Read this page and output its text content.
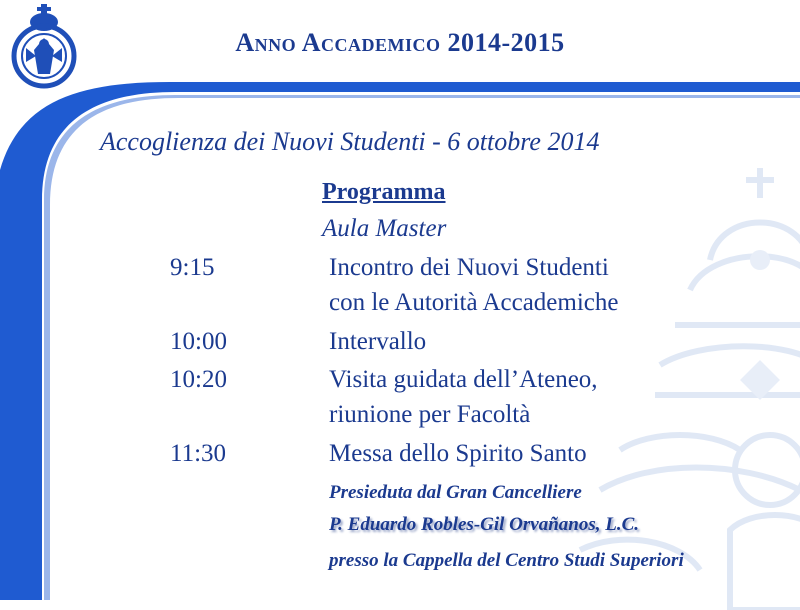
Anno Accademico 2014-2015
Accoglienza dei Nuovi Studenti - 6 ottobre 2014
Programma
Aula Master
9:15	Incontro dei Nuovi Studenti
con le Autorità Accademiche
10:00	Intervallo
10:20	Visita guidata dell’Ateneo,
riunione per Facoltà
11:30	Messa dello Spirito Santo
Presieduta dal Gran Cancelliere
P. Eduardo Robles-Gil Orvañanos, L.C.
presso la Cappella del Centro Studi Superiori
